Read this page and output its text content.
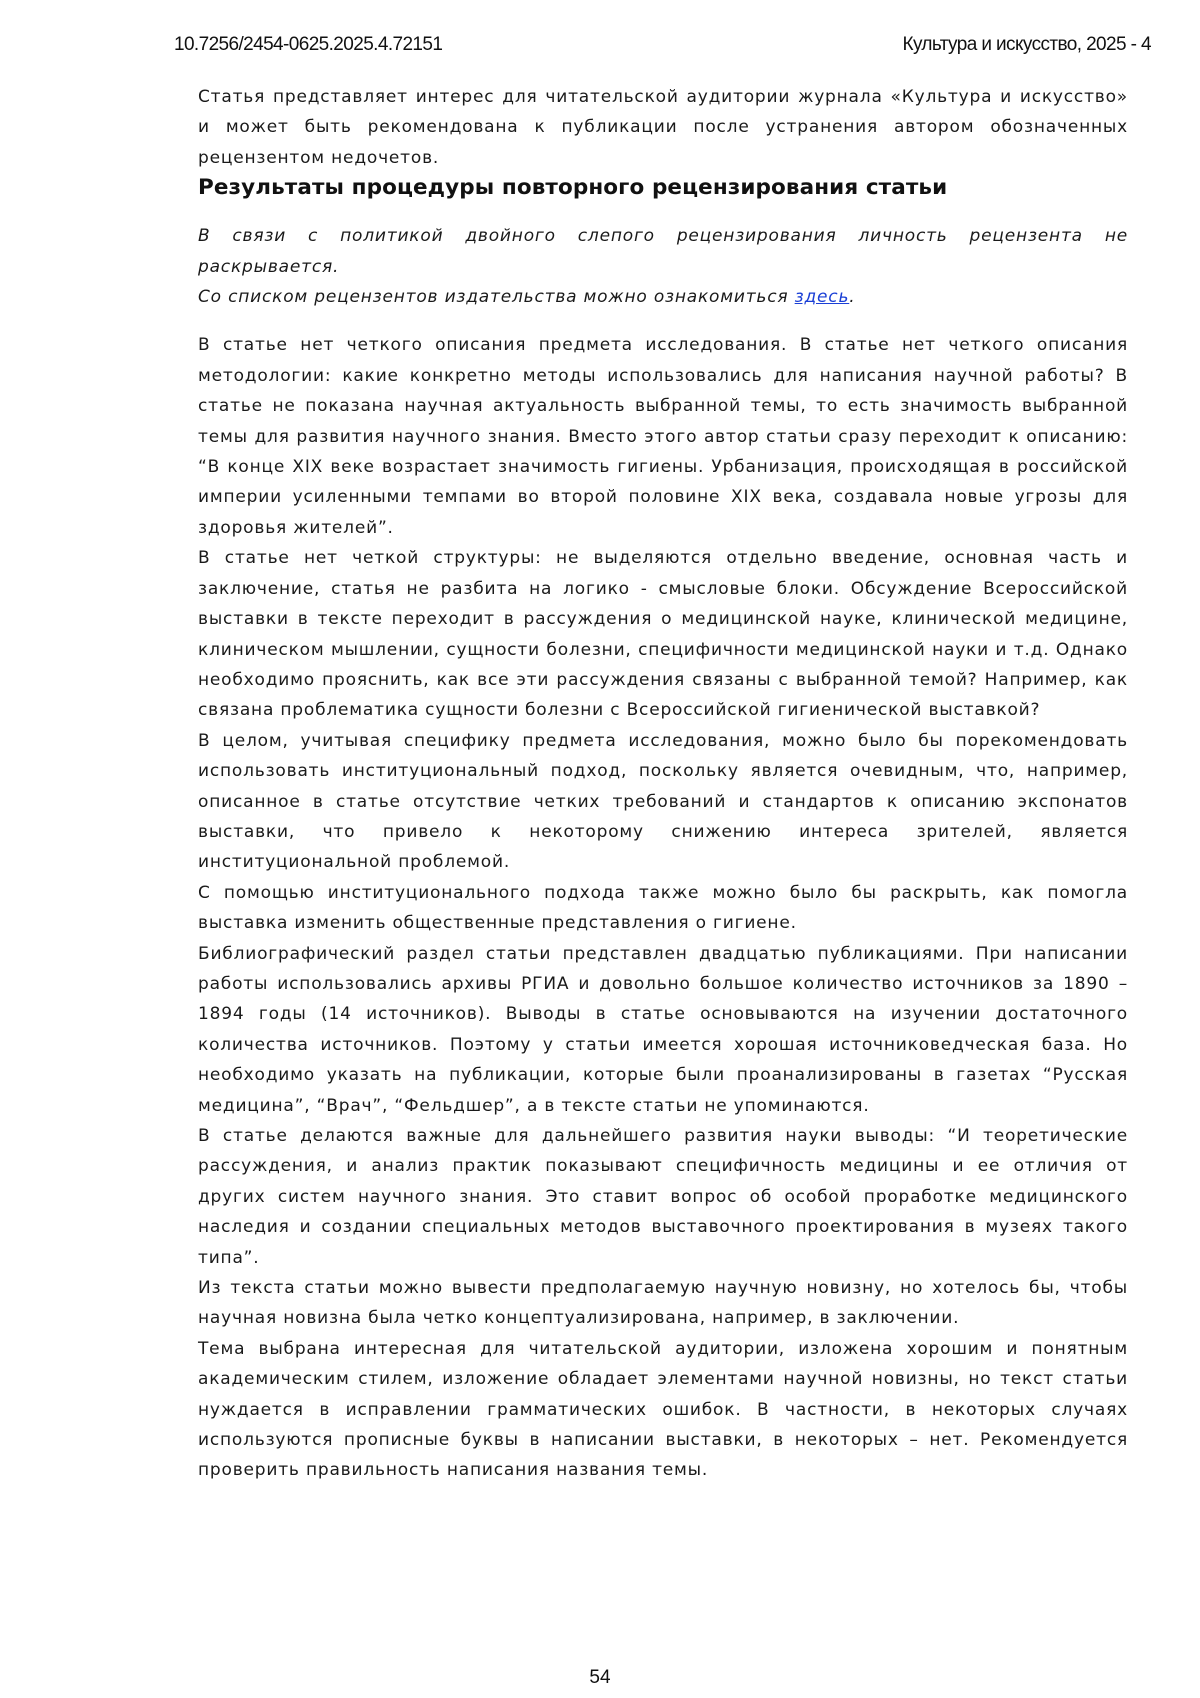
10.7256/2454-0625.2025.4.72151	Культура и искусство, 2025 - 4

Статья представляет интерес для читательской аудитории журнала «Культура и искусство» и может быть рекомендована к публикации после устранения автором обозначенных рецензентом недочетов.

Результаты процедуры повторного рецензирования статьи

В связи с политикой двойного слепого рецензирования личность рецензента не раскрывается.

Со списком рецензентов издательства можно ознакомиться здесь.

В статье нет четкого описания предмета исследования. В статье нет четкого описания методологии: какие конкретно методы использовались для написания научной работы? В статье не показана научная актуальность выбранной темы, то есть значимость выбранной темы для развития научного знания. Вместо этого автор статьи сразу переходит к описанию: “В конце XIX веке возрастает значимость гигиены. Урбанизация, происходящая в российской империи усиленными темпами во второй половине XIX века, создавала новые угрозы для здоровья жителей”.

В статье нет четкой структуры: не выделяются отдельно введение, основная часть и заключение, статья не разбита на логико - смысловые блоки. Обсуждение Всероссийской выставки в тексте переходит в рассуждения о медицинской науке, клинической медицине, клиническом мышлении, сущности болезни, специфичности медицинской науки и т.д. Однако необходимо прояснить, как все эти рассуждения связаны с выбранной темой? Например, как связана проблематика сущности болезни с Всероссийской гигиенической выставкой?

В целом, учитывая специфику предмета исследования, можно было бы порекомендовать использовать институциональный подход, поскольку является очевидным, что, например, описанное в статье отсутствие четких требований и стандартов к описанию экспонатов выставки, что привело к некоторому снижению интереса зрителей, является институциональной проблемой.

С помощью институционального подхода также можно было бы раскрыть, как помогла выставка изменить общественные представления о гигиене.

Библиографический раздел статьи представлен двадцатью публикациями. При написании работы использовались архивы РГИА и довольно большое количество источников за 1890 – 1894 годы (14 источников). Выводы в статье основываются на изучении достаточного количества источников. Поэтому у статьи имеется хорошая источниковедческая база. Но необходимо указать на публикации, которые были проанализированы в газетах “Русская медицина”, “Врач”, “Фельдшер”, а в тексте статьи не упоминаются.

В статье делаются важные для дальнейшего развития науки выводы: “И теоретические рассуждения, и анализ практик показывают специфичность медицины и ее отличия от других систем научного знания. Это ставит вопрос об особой проработке медицинского наследия и создании специальных методов выставочного проектирования в музеях такого типа”.

Из текста статьи можно вывести предполагаемую научную новизну, но хотелось бы, чтобы научная новизна была четко концептуализирована, например, в заключении.

Тема выбрана интересная для читательской аудитории, изложена хорошим и понятным академическим стилем, изложение обладает элементами научной новизны, но текст статьи нуждается в исправлении грамматических ошибок. В частности, в некоторых случаях используются прописные буквы в написании выставки, в некоторых – нет. Рекомендуется проверить правильность написания названия темы.

54
